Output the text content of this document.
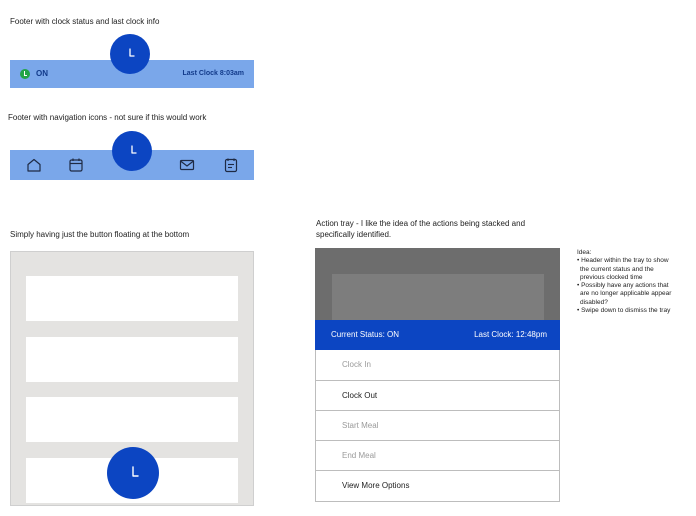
Footer with clock status and last clock info
Footer with navigation icons - not sure if this would work
Simply having just the button floating at the bottom
Action tray - I like the idea of the actions being stacked and
specifically identified.
ON	Last Clock 8:03am
Current Status: ON	Last Clock: 12:48pm
Clock In
Clock Out
Start Meal
End Meal
View More Options
Idea:
• Header within the tray to show
the current status and the
previous clocked time
• Possibly have any actions that
are no longer applicable appear
disabled?
• Swipe down to dismiss the tray
